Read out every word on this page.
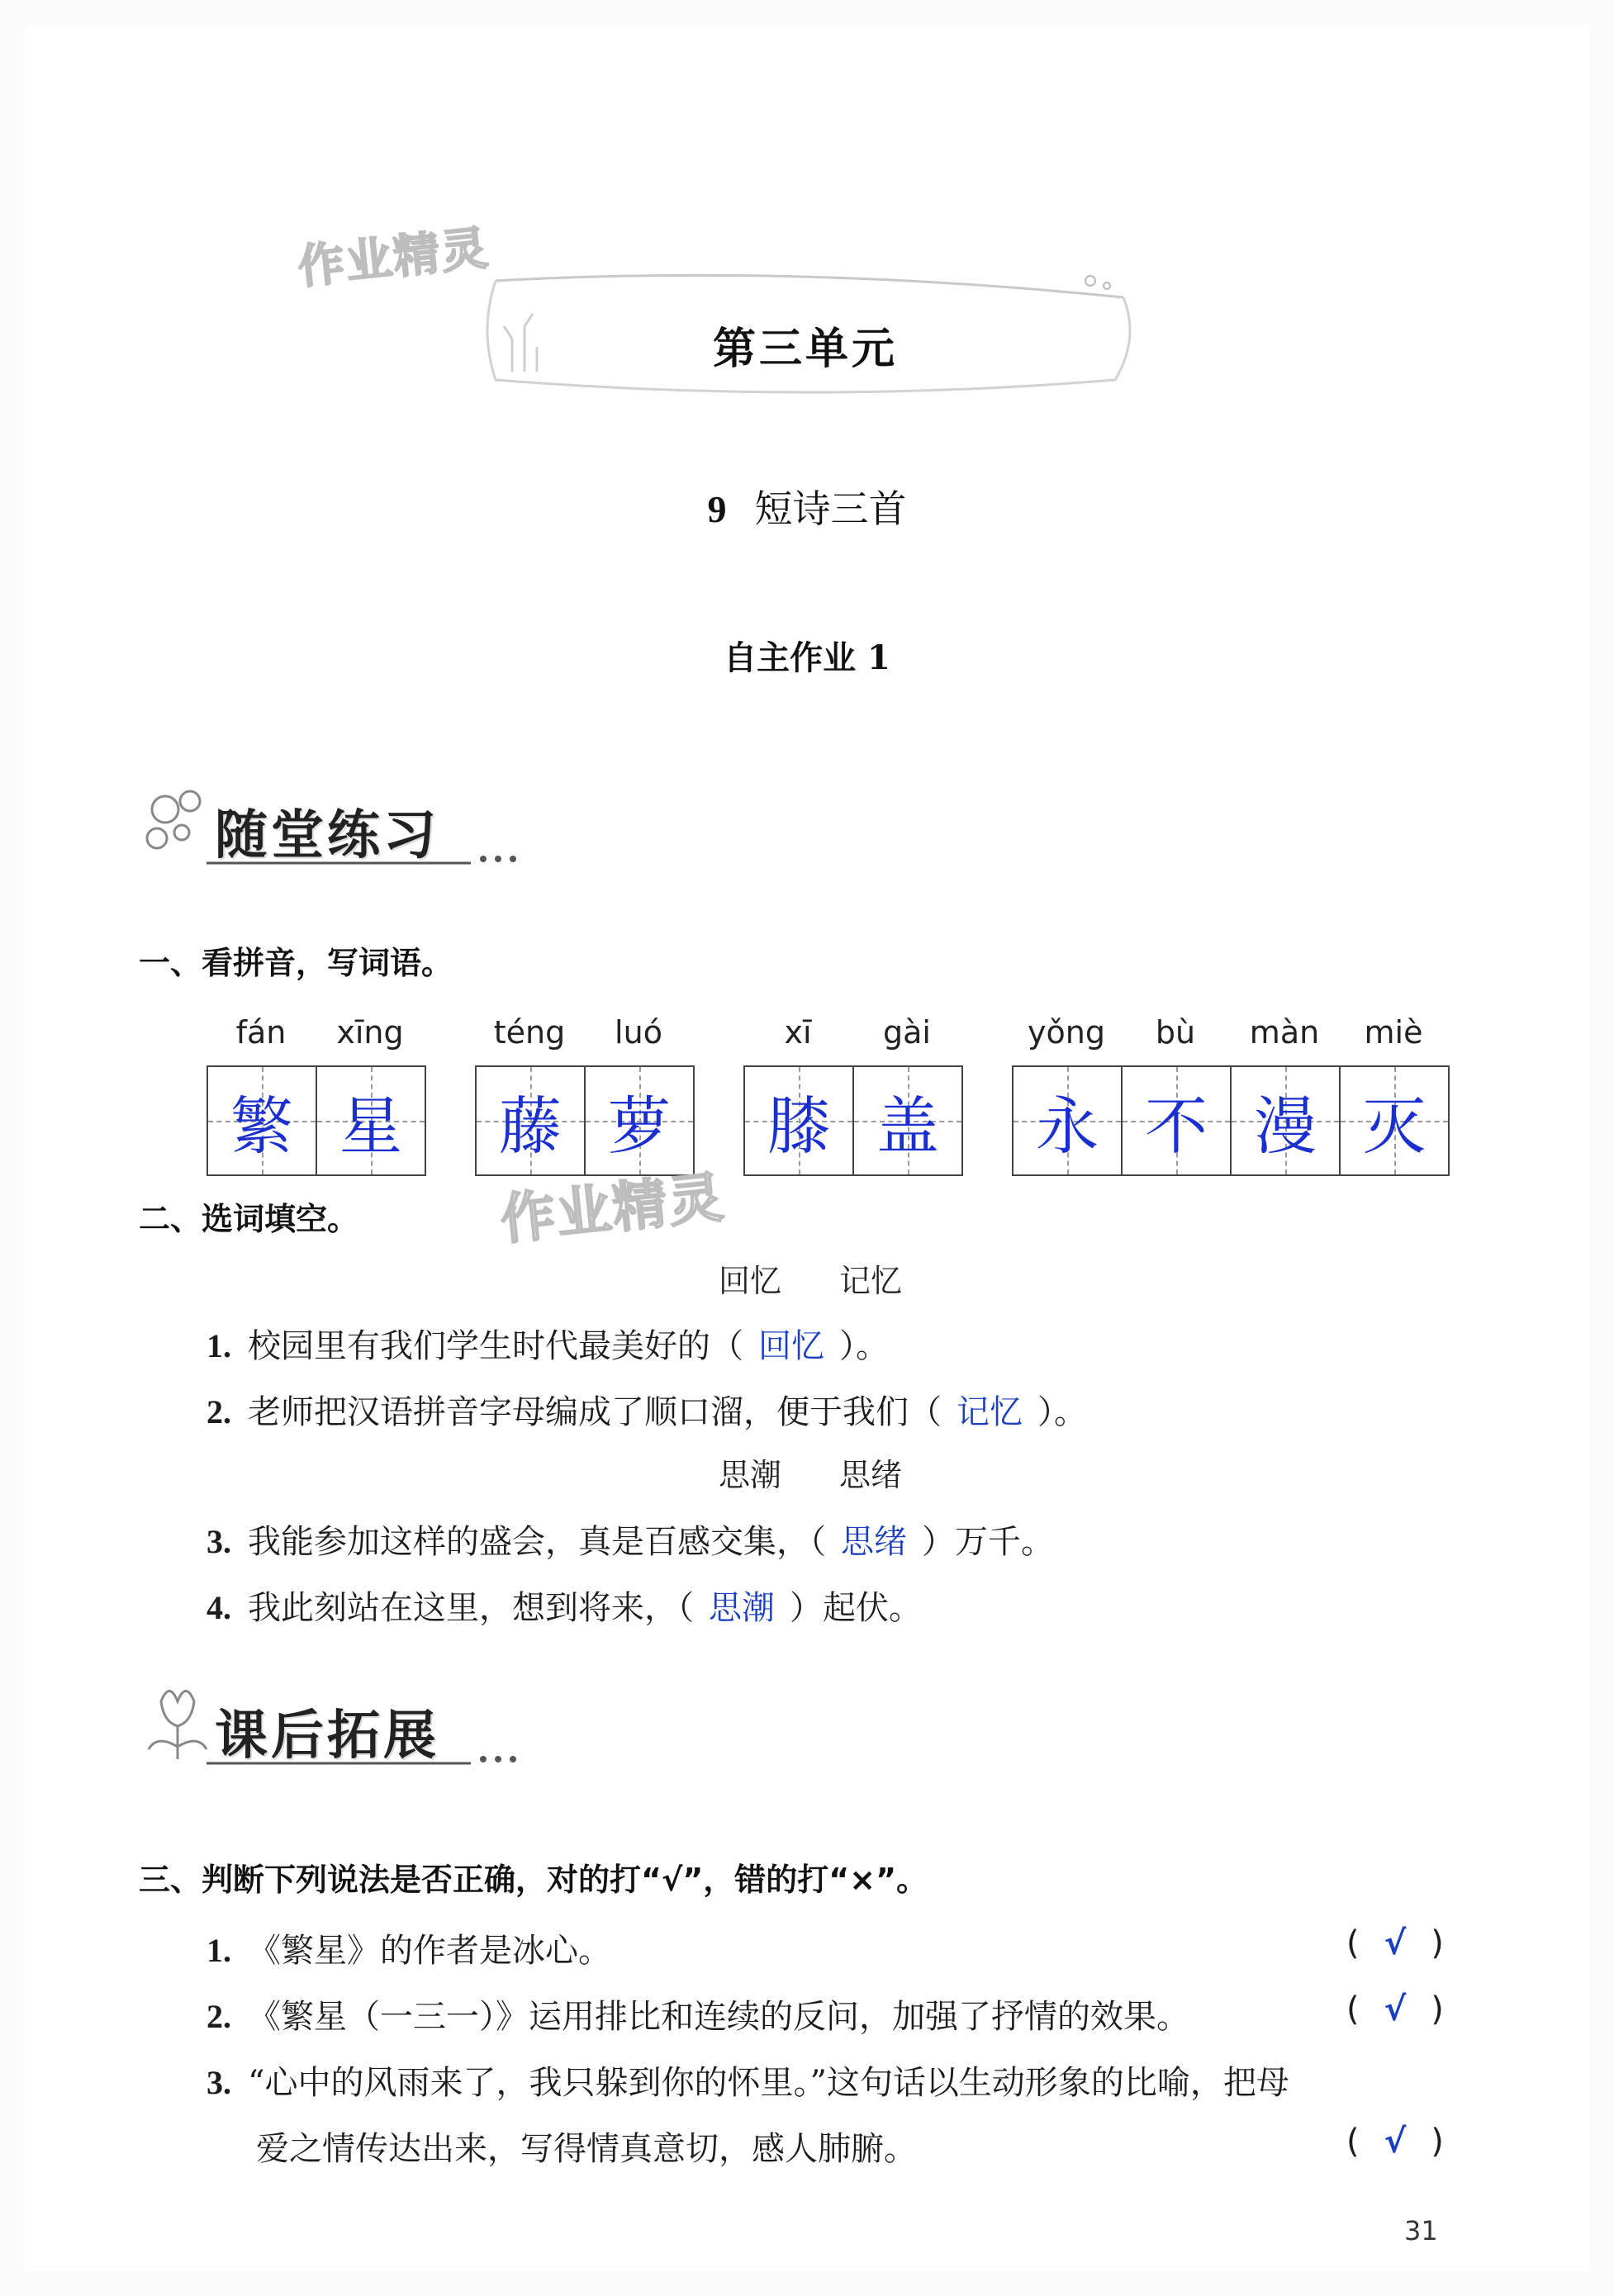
作业精灵
第三单元
9 短诗三首
自主作业 1
随堂练习
一、看拼音，写词语。
fán	xīng
繁 星
téng	luó
藤 萝
xī	gài
膝 盖
yǒng	bù	màn	miè
永 不 漫 灭
作业精灵
二、选词填空。
回忆 记忆
1. 校园里有我们学生时代最美好的（ 回忆 ）。
2. 老师把汉语拼音字母编成了顺口溜，便于我们（ 记忆 ）。
思潮 思绪
3. 我能参加这样的盛会，真是百感交集，（ 思绪 ）万千。
4. 我此刻站在这里，想到将来，（ 思潮 ）起伏。
课后拓展
三、判断下列说法是否正确，对的打“√”，错的打“×”。
1. 《繁星》的作者是冰心。	( √ )
2. 《繁星（一三一）》运用排比和连续的反问，加强了抒情的效果。	( √ )
3. “心中的风雨来了，我只躲到你的怀里。”这句话以生动形象的比喻，把母
爱之情传达出来，写得情真意切，感人肺腑。	( √ )
31
